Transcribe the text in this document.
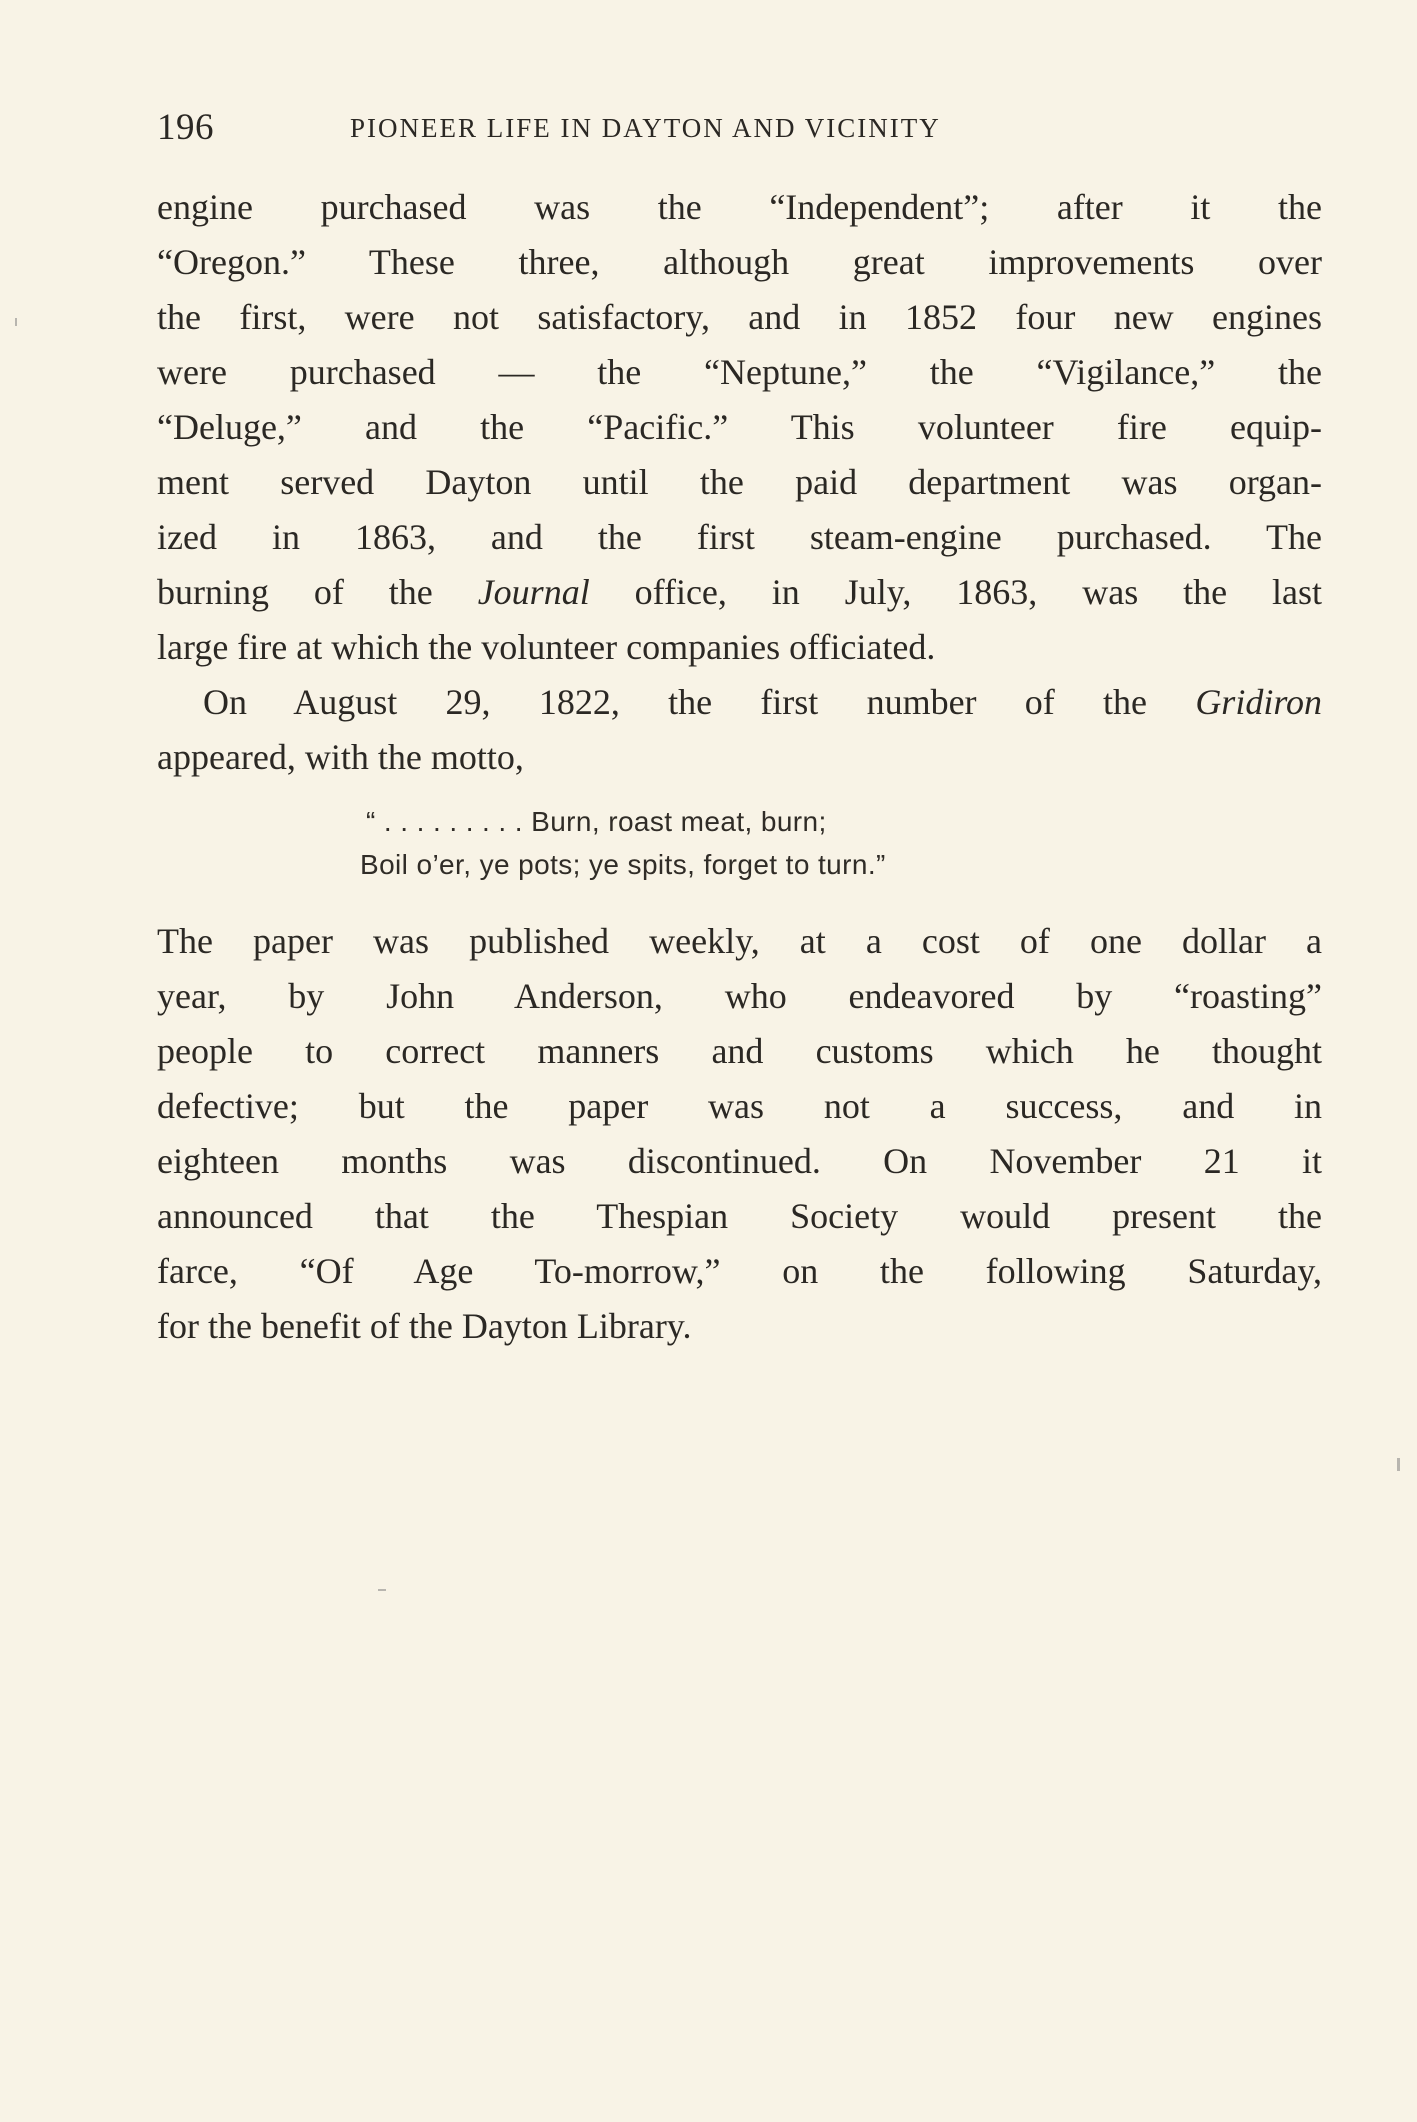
196	PIONEER LIFE IN DAYTON AND VICINITY
engine purchased was the “Independent”; after it the
“Oregon.” These three, although great improvements over
the first, were not satisfactory, and in 1852 four new engines
were purchased — the “Neptune,” the “Vigilance,” the
“Deluge,” and the “Pacific.” This volunteer fire equip-
ment served Dayton until the paid department was organ-
ized in 1863, and the first steam-engine purchased. The
burning of the Journal office, in July, 1863, was the last
large fire at which the volunteer companies officiated.
On August 29, 1822, the first number of the Gridiron
appeared, with the motto,
“ . . . . . . . . . Burn, roast meat, burn;
Boil o’er, ye pots; ye spits, forget to turn.”
The paper was published weekly, at a cost of one dollar a
year, by John Anderson, who endeavored by “roasting”
people to correct manners and customs which he thought
defective; but the paper was not a success, and in
eighteen months was discontinued. On November 21 it
announced that the Thespian Society would present the
farce, “Of Age To-morrow,” on the following Saturday,
for the benefit of the Dayton Library.
